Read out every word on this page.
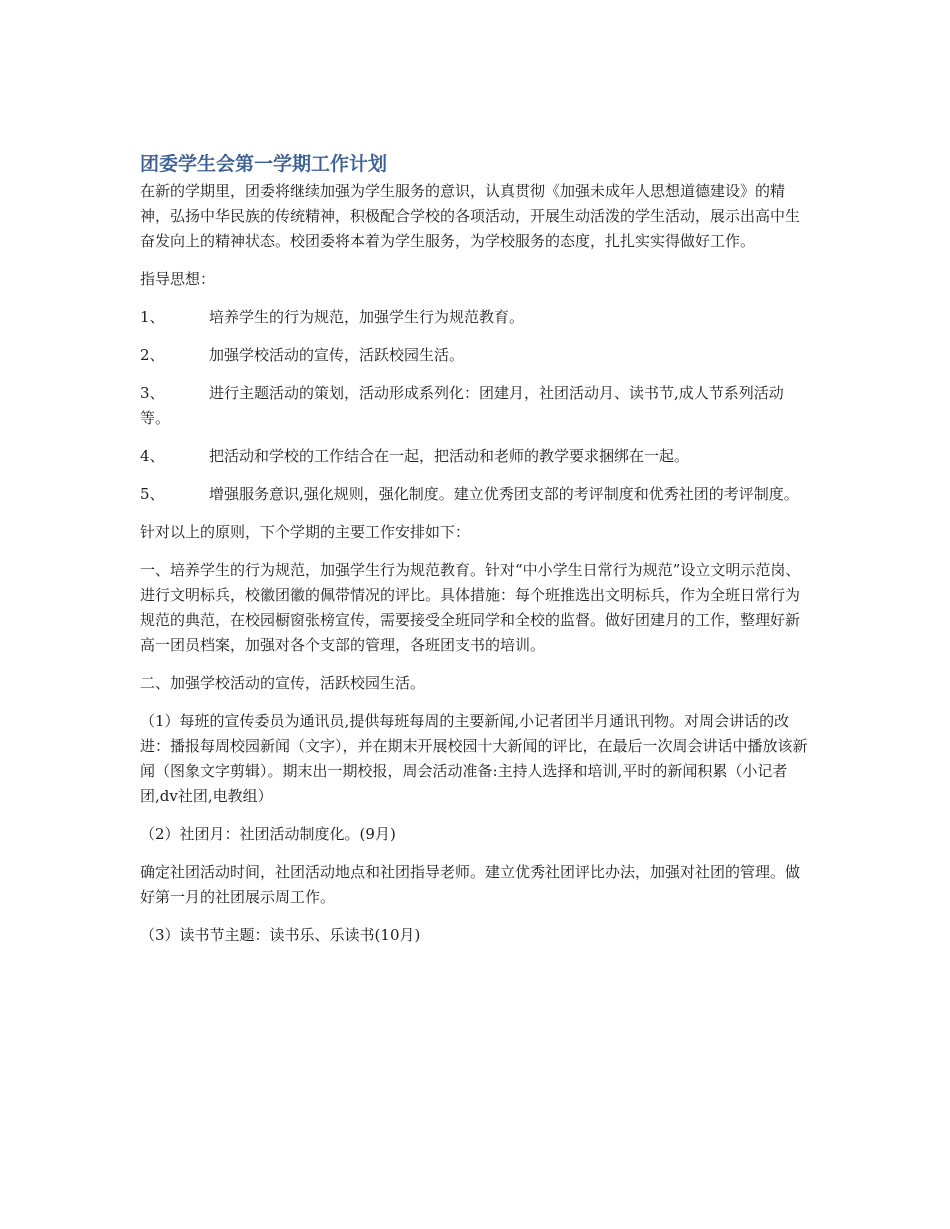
团委学生会第一学期工作计划

在新的学期里，团委将继续加强为学生服务的意识，认真贯彻《加强未成年人思想道德建设》的精神，弘扬中华民族的传统精神，积极配合学校的各项活动，开展生动活泼的学生活动，展示出高中生奋发向上的精神状态。校团委将本着为学生服务，为学校服务的态度，扎扎实实得做好工作。

指导思想：

1、	培养学生的行为规范，加强学生行为规范教育。

2、	加强学校活动的宣传，活跃校园生活。

3、	进行主题活动的策划，活动形成系列化：团建月，社团活动月、读书节,成人节系列活动等。

4、	把活动和学校的工作结合在一起，把活动和老师的教学要求捆绑在一起。

5、	增强服务意识,强化规则，强化制度。建立优秀团支部的考评制度和优秀社团的考评制度。

针对以上的原则，下个学期的主要工作安排如下：

一、培养学生的行为规范，加强学生行为规范教育。针对“中小学生日常行为规范”设立文明示范岗、进行文明标兵，校徽团徽的佩带情况的评比。具体措施：每个班推选出文明标兵，作为全班日常行为规范的典范，在校园橱窗张榜宣传，需要接受全班同学和全校的监督。做好团建月的工作，整理好新高一团员档案，加强对各个支部的管理，各班团支书的培训。

二、加强学校活动的宣传，活跃校园生活。

（1）每班的宣传委员为通讯员,提供每班每周的主要新闻,小记者团半月通讯刊物。对周会讲话的改进：播报每周校园新闻（文字），并在期末开展校园十大新闻的评比，在最后一次周会讲话中播放该新闻（图象文字剪辑）。期末出一期校报，周会活动准备:主持人选择和培训,平时的新闻积累（小记者团,dv社团,电教组）

（2）社团月：社团活动制度化。(9月)

确定社团活动时间，社团活动地点和社团指导老师。建立优秀社团评比办法，加强对社团的管理。做好第一月的社团展示周工作。

（3）读书节主题：读书乐、乐读书(10月)
